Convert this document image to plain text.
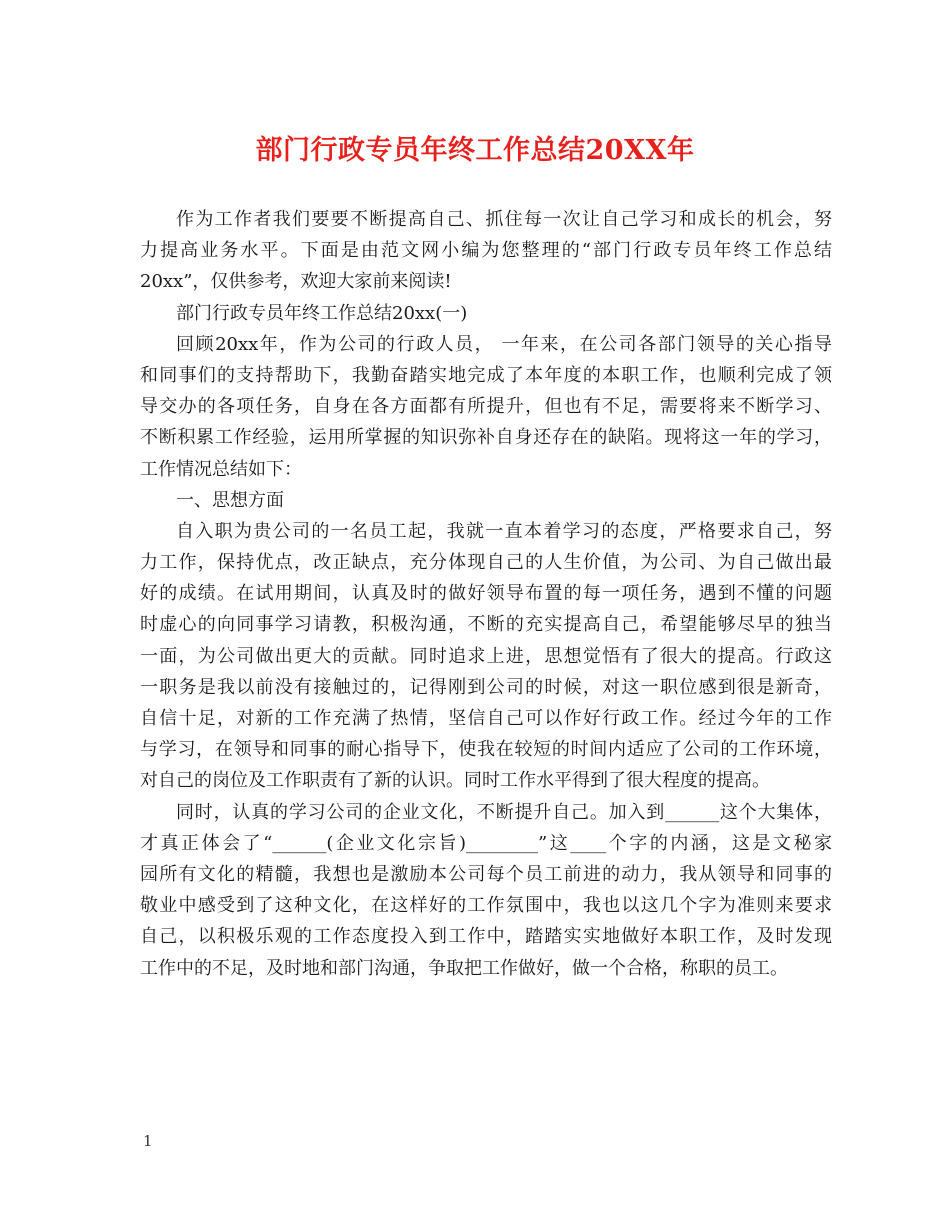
部门行政专员年终工作总结20XX年
作为工作者我们要要不断提高自己、抓住每一次让自己学习和成长的机会，努
力提高业务水平。下面是由范文网小编为您整理的“部门行政专员年终工作总结
20xx”，仅供参考，欢迎大家前来阅读!
部门行政专员年终工作总结20xx(一)
回顾20xx年，作为公司的行政人员， 一年来，在公司各部门领导的关心指导
和同事们的支持帮助下，我勤奋踏实地完成了本年度的本职工作，也顺利完成了领
导交办的各项任务，自身在各方面都有所提升，但也有不足，需要将来不断学习、
不断积累工作经验，运用所掌握的知识弥补自身还存在的缺陷。现将这一年的学习，
工作情况总结如下：
一、思想方面
自入职为贵公司的一名员工起，我就一直本着学习的态度，严格要求自己，努
力工作，保持优点，改正缺点，充分体现自己的人生价值，为公司、为自己做出最
好的成绩。在试用期间，认真及时的做好领导布置的每一项任务，遇到不懂的问题
时虚心的向同事学习请教，积极沟通，不断的充实提高自己，希望能够尽早的独当
一面，为公司做出更大的贡献。同时追求上进，思想觉悟有了很大的提高。行政这
一职务是我以前没有接触过的，记得刚到公司的时候，对这一职位感到很是新奇，
自信十足，对新的工作充满了热情，坚信自己可以作好行政工作。经过今年的工作
与学习，在领导和同事的耐心指导下，使我在较短的时间内适应了公司的工作环境，
对自己的岗位及工作职责有了新的认识。同时工作水平得到了很大程度的提高。
同时，认真的学习公司的企业文化，不断提升自己。加入到______这个大集体，
才真正体会了“______(企业文化宗旨)________”这____个字的内涵，这是文秘家
园所有文化的精髓，我想也是激励本公司每个员工前进的动力，我从领导和同事的
敬业中感受到了这种文化，在这样好的工作氛围中，我也以这几个字为准则来要求
自己，以积极乐观的工作态度投入到工作中，踏踏实实地做好本职工作，及时发现
工作中的不足，及时地和部门沟通，争取把工作做好，做一个合格，称职的员工。
1
